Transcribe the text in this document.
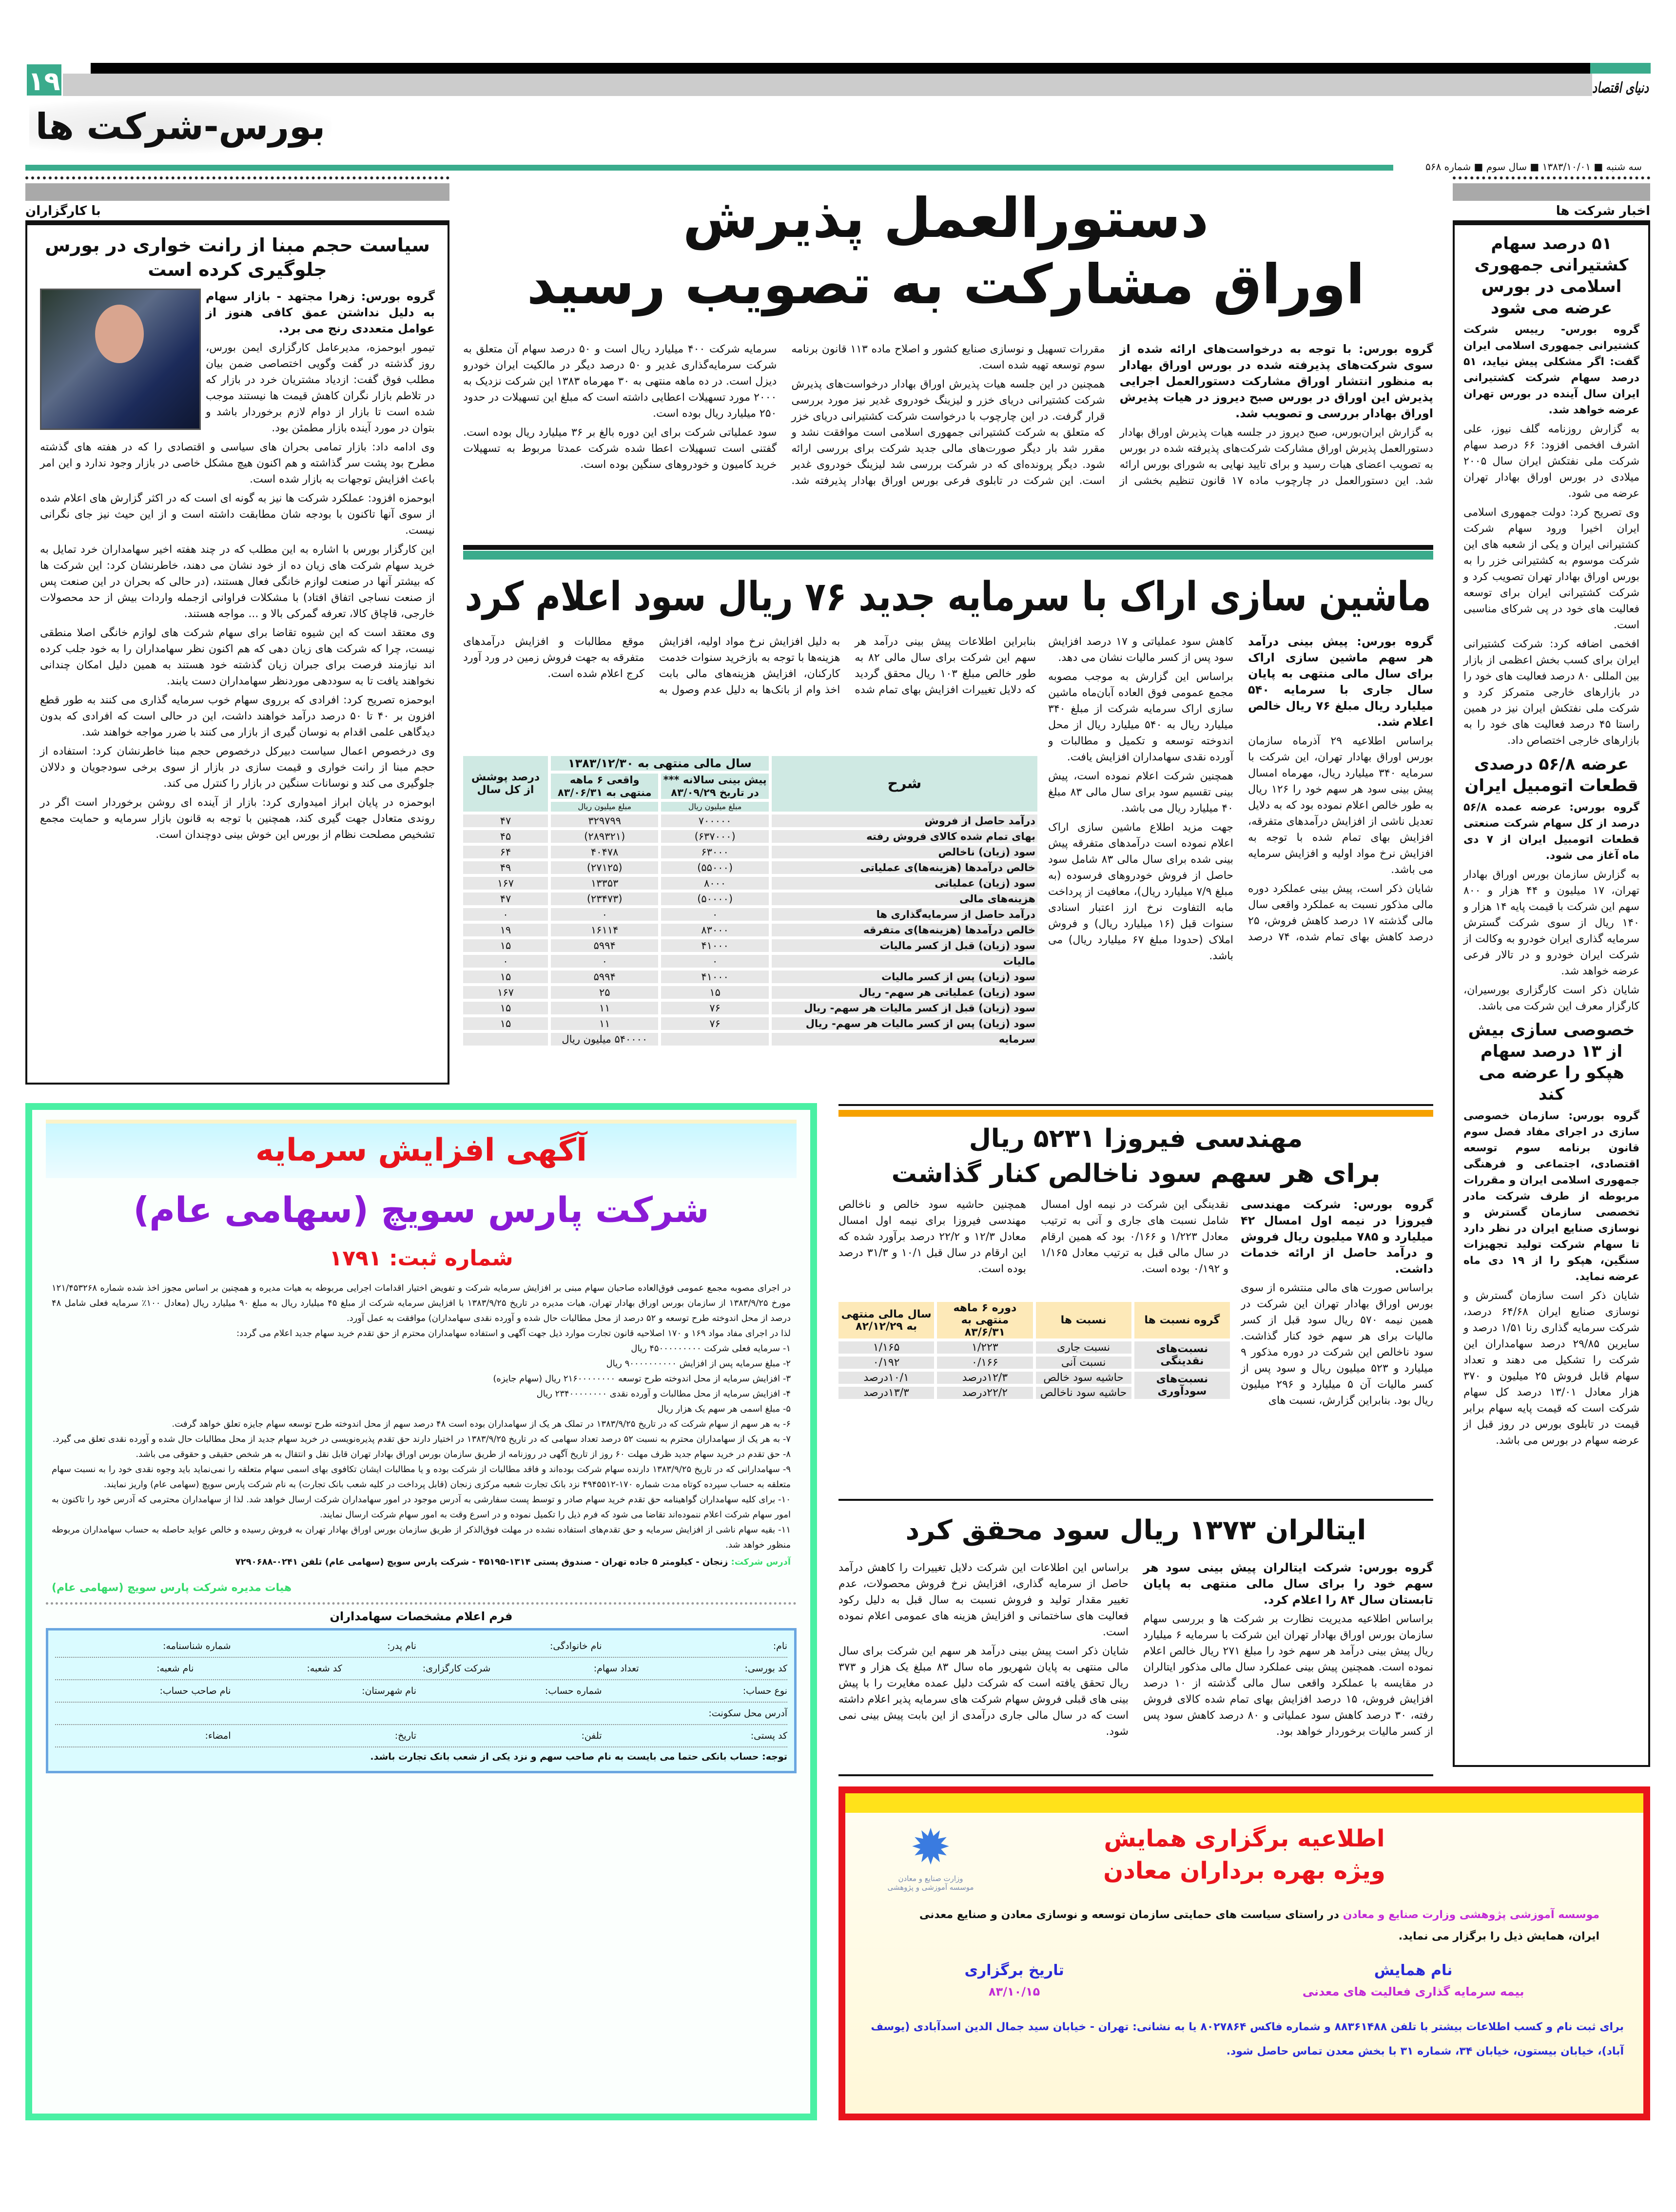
۱۹	دنیای اقتصاد
بورس-شرکت ها
سه شنبه ■ ۱۳۸۳/۱۰/۰۱ ■ سال سوم ■ شماره ۵۶۸
با کارگزاران
سیاست حجم مبنا از رانت خواری در بورس جلوگیری کرده است

گروه بورس: زهرا مجتهد - بازار سهام به دلیل نداشتن عمق کافی هنوز از عوامل متعددی رنج می برد.

تیمور ابوحمزه، مدیرعامل کارگزاری ایمن بورس، روز گذشته در گفت وگویی اختصاصی ضمن بیان مطلب فوق گفت: ازدیاد مشتریان خرد در بازار که در تلاطم بازار نگران کاهش قیمت ها نیستند موجب شده است تا بازار از دوام لازم برخوردار باشد و بتوان در مورد آینده بازار مطمئن بود.

وی ادامه داد: بازار تمامی بحران های سیاسی و اقتصادی را که در هفته های گذشته مطرح بود پشت سر گذاشته و هم اکنون هیچ مشکل خاصی در بازار وجود ندارد و این امر باعث افزایش توجهات به بازار شده است.

ابوحمزه افزود: عملکرد شرکت ها نیز به گونه ای است که در اکثر گزارش های اعلام شده از سوی آنها تاکنون با بودجه شان مطابقت داشته است و از این حیث نیز جای نگرانی نیست.

این کارگزار بورس با اشاره به این مطلب که در چند هفته اخیر سهامداران خرد تمایل به خرید سهام شرکت های زیان ده از خود نشان می دهند، خاطرنشان کرد: این شرکت ها که بیشتر آنها در صنعت لوازم خانگی فعال هستند، (در حالی که بحران در این صنعت پس از صنعت نساجی اتفاق افتاد) با مشکلات فراوانی ازجمله واردات بیش از حد محصولات خارجی، قاچاق کالا، تعرفه گمرکی بالا و ... مواجه هستند.

وی معتقد است که این شیوه تقاضا برای سهام شرکت های لوازم خانگی اصلا منطقی نیست، چرا که شرکت های زیان دهی که هم اکنون نظر سهامداران را به خود جلب کرده اند نیازمند فرصت برای جبران زیان گذشته خود هستند به همین دلیل امکان چندانی نخواهند یافت تا به سوددهی موردنظر سهامداران دست یابند.

ابوحمزه تصریح کرد: افرادی که برروی سهام خوب سرمایه گذاری می کنند به طور قطع افزون بر ۴۰ تا ۵۰ درصد درآمد خواهند داشت، این در حالی است که افرادی که بدون دیدگاهی علمی اقدام به نوسان گیری از بازار می کنند با ضرر مواجه خواهند شد.

وی درخصوص اعمال سیاست دبیرکل درخصوص حجم مبنا خاطرنشان کرد: استفاده از حجم مبنا از رانت خواری و قیمت سازی در بازار از سوی برخی سودجویان و دلالان جلوگیری می کند و نوسانات سنگین در بازار را کنترل می کند.

ابوحمزه در پایان ابراز امیدواری کرد: بازار از آینده ای روشن برخوردار است اگر در روندی متعادل جهت گیری کند، همچنین با توجه به قانون بازار سرمایه و حمایت مجمع تشخیص مصلحت نظام از بورس این خوش بینی دوچندان است.

اخبار شرکت ها
۵۱ درصد سهام کشتیرانی جمهوری اسلامی در بورس عرضه می شود

گروه بورس- رییس شرکت کشتیرانی جمهوری اسلامی ایران گفت: اگر مشکلی پیش نیاید، ۵۱ درصد سهام شرکت کشتیرانی ایران سال آینده در بورس تهران عرضه خواهد شد.

به گزارش روزنامه گلف نیوز، علی اشرف افخمی افزود: ۶۶ درصد سهام شرکت ملی نفتکش ایران سال ۲۰۰۵ میلادی در بورس اوراق بهادار تهران عرضه می شود.

وی تصریح کرد: دولت جمهوری اسلامی ایران اخیرا ورود سهام شرکت کشتیرانی ایران و یکی از شعبه های این شرکت موسوم به کشتیرانی خزر را به بورس اوراق بهادار تهران تصویب کرد و شرکت کشتیرانی ایران برای توسعه فعالیت های خود در پی شرکای مناسبی است.

افخمی اضافه کرد: شرکت کشتیرانی ایران برای کسب بخش اعظمی از بازار بین المللی ۸۰ درصد فعالیت های خود را در بازارهای خارجی متمرکز کرد و شرکت ملی نفتکش ایران نیز در همین راستا ۴۵ درصد فعالیت های خود را به بازارهای خارجی اختصاص داد.

عرضه ۵۶/۸ درصدی قطعات اتومبیل ایران

گروه بورس: عرضه عمده ۵۶/۸ درصد از کل سهام شرکت صنعتی قطعات اتومبیل ایران از ۷ دی ماه آغاز می شود.

به گزارش سازمان بورس اوراق بهادار تهران، ۱۷ میلیون و ۴۴ هزار و ۸۰۰ سهم این شرکت با قیمت پایه ۱۴ هزار و ۱۴۰ ریال از سوی شرکت گسترش سرمایه گذاری ایران خودرو به وکالت از شرکت ایران خودرو و در تالار فرعی عرضه خواهد شد.

شایان ذکر است کارگزاری بورسیران، کارگزار معرف این شرکت می باشد.

خصوصی سازی بیش از ۱۳ درصد سهام هپکو را عرضه می کند

گروه بورس: سازمان خصوصی سازی در اجرای مفاد فصل سوم قانون برنامه سوم توسعه اقتصادی، اجتماعی و فرهنگی جمهوری اسلامی ایران و مقررات مربوطه از طرف شرکت مادر تخصصی سازمان گسترش و نوسازی صنایع ایران در نظر دارد تا سهام شرکت تولید تجهیزات سنگین، هپکو را از ۱۹ دی ماه عرضه نماید.

شایان ذکر است سازمان گسترش و نوسازی صنایع ایران ۶۴/۶۸ درصد، شرکت سرمایه گذاری رنا ۱/۵۱ درصد و سایرین ۲۹/۸۵ درصد سهامداران این شرکت را تشکیل می دهند و تعداد سهام قابل فروش ۲۵ میلیون و ۳۷۰ هزار معادل ۱۳/۰۱ درصد کل سهام شرکت است که قیمت پایه سهام برابر قیمت در تابلوی بورس در روز قبل از عرضه سهام در بورس می باشد.

دستورالعمل پذیرش
اوراق مشارکت به تصویب رسید

گروه بورس: با توجه به درخواست‌های ارائه شده از سوی شرکت‌های پذیرفته شده در بورس اوراق بهادار به منظور انتشار اوراق مشارکت دستورالعمل اجرایی پذیرش این اوراق در بورس صبح دیروز در هیات پذیرش اوراق بهادار بررسی و تصویب شد.

به گزارش ایران‌بورس، صبح دیروز در جلسه هیات پذیرش اوراق بهادار دستورالعمل پذیرش اوراق مشارکت شرکت‌های پذیرفته شده در بورس به تصویب اعضای هیات رسید و برای تایید نهایی به شورای بورس ارائه شد. این دستورالعمل در چارچوب ماده ۱۷ قانون تنظیم بخشی از مقررات تسهیل و نوسازی صنایع کشور و اصلاح ماده ۱۱۳ قانون برنامه سوم توسعه تهیه شده است.

همچنین در این جلسه هیات پذیرش اوراق بهادار درخواست‌های پذیرش شرکت کشتیرانی دریای خزر و لیزینگ خودروی غدیر نیز مورد بررسی قرار گرفت. در این چارچوب با درخواست شرکت کشتیرانی دریای خزر که متعلق به شرکت کشتیرانی جمهوری اسلامی است موافقت نشد و مقرر شد بار دیگر صورت‌های مالی جدید شرکت برای بررسی ارائه شود. دیگر پرونده‌ای که در شرکت بررسی شد لیزینگ خودروی غدیر است. این شرکت در تابلوی فرعی بورس اوراق بهادار پذیرفته شد. سرمایه شرکت ۴۰۰ میلیارد ریال است و ۵۰ درصد سهام آن متعلق به شرکت سرمایه‌گذاری غدیر و ۵۰ درصد دیگر در مالکیت ایران خودرو دیزل است. در ده ماهه منتهی به ۳۰ مهرماه ۱۳۸۳ این شرکت نزدیک به ۲۰۰۰ مورد تسهیلات اعطایی داشته است که مبلغ این تسهیلات در حدود ۲۵۰ میلیارد ریال بوده است.

سود عملیاتی شرکت برای این دوره بالغ بر ۳۶ میلیارد ریال بوده است. گفتنی است تسهیلات اعطا شده شرکت عمدتا مربوط به تسهیلات خرید کامیون و خودروهای سنگین بوده است.

ماشین سازی اراک با سرمایه جدید ۷۶ ریال سود اعلام کرد

گروه بورس: پیش بینی درآمد هر سهم ماشین سازی اراک برای سال مالی منتهی به پایان سال جاری با سرمایه ۵۴۰ میلیارد ریال مبلغ ۷۶ ریال خالص اعلام شد.

براساس اطلاعیه ۲۹ آذرماه سازمان بورس اوراق بهادار تهران، این شرکت با سرمایه ۳۴۰ میلیارد ریال، مهرماه امسال پیش بینی سود هر سهم خود را ۱۲۶ ریال به طور خالص اعلام نموده بود که به دلایل تعدیل ناشی از افزایش درآمدهای متفرقه، افزایش بهای تمام شده با توجه به افزایش نرخ مواد اولیه و افزایش سرمایه می باشد.

شایان ذکر است، پیش بینی عملکرد دوره مالی مذکور نسبت به عملکرد واقعی سال مالی گذشته ۱۷ درصد کاهش فروش، ۲۵ درصد کاهش بهای تمام شده، ۷۴ درصد کاهش سود عملیاتی و ۱۷ درصد افزایش سود پس از کسر مالیات نشان می دهد.

براساس این گزارش به موجب مصوبه مجمع عمومی فوق العاده آبان‌ماه ماشین سازی اراک سرمایه شرکت از مبلغ ۳۴۰ میلیارد ریال به ۵۴۰ میلیارد ریال از محل اندوخته توسعه و تکمیل و مطالبات و آورده نقدی سهامداران افزایش یافت.

همچنین شرکت اعلام نموده است، پیش بینی تقسیم سود برای سال مالی ۸۳ مبلغ ۴۰ میلیارد ریال می باشد.

جهت مزید اطلاع ماشین سازی اراک اعلام نموده است درآمدهای متفرقه پیش بینی شده برای سال مالی ۸۳ شامل سود حاصل از فروش خودروهای فرسوده (به مبلغ ۷/۹ میلیارد ریال)، معافیت از پرداخت مابه التفاوت نرخ ارز اعتبار اسنادی سنوات قبل (۱۶ میلیارد ریال) و فروش املاک (حدودا مبلغ ۶۷ میلیارد ریال) می باشد.

بنابراین اطلاعات پیش بینی درآمد هر سهم این شرکت برای سال مالی ۸۲ به طور خالص مبلغ ۱۰۳ ریال محقق گردید که دلایل تغییرات افزایش بهای تمام شده به دلیل افزایش نرخ مواد اولیه، افزایش هزینه‌ها با توجه به بازخرید سنوات خدمت کارکنان، افزایش هزینه‌های مالی بابت اخذ وام از بانک‌ها به دلیل عدم وصول به موقع مطالبات و افزایش درآمدهای متفرقه به جهت فروش زمین در ورد آورد کرج اعلام شده است.

شرح	سال مالی منتهی به ۱۳۸۳/۱۲/۳۰		درصد پوشش از کل سال
	پیش بینی سالانه *** در تاریخ ۸۳/۰۹/۲۹	واقعی ۶ ماهه منتهی به ۸۳/۰۶/۳۱	
	مبلغ میلیون ریال	مبلغ میلیون ریال	
درآمد حاصل از فروش	۷۰۰۰۰۰	۳۲۹۷۹۹	۴۷
بهای تمام شده کالای فروش رفته	(۶۳۷۰۰۰)	(۲۸۹۳۲۱)	۴۵
سود (زیان) ناخالص	۶۳۰۰۰	۴۰۴۷۸	۶۴
خالص درآمدها (هزینه‌ها)ی عملیاتی	(۵۵۰۰۰)	(۲۷۱۲۵)	۴۹
سود (زیان) عملیاتی	۸۰۰۰	۱۳۳۵۳	۱۶۷
هزینه‌های مالی	(۵۰۰۰۰)	(۲۳۴۷۳)	۴۷
درآمد حاصل از سرمایه‌گذاری ها	۰	۰	۰
خالص درآمدها (هزینه‌ها)ی متفرقه	۸۳۰۰۰	۱۶۱۱۴	۱۹
سود (زیان) قبل از کسر مالیات	۴۱۰۰۰	۵۹۹۴	۱۵
مالیات	۰	۰	۰
سود (زیان) پس از کسر مالیات	۴۱۰۰۰	۵۹۹۴	۱۵
سود (زیان) عملیاتی هر سهم- ریال	۱۵	۲۵	۱۶۷
سود (زیان) قبل از کسر مالیات هر سهم- ریال	۷۶	۱۱	۱۵
سود (زیان) پس از کسر مالیات هر سهم- ریال	۷۶	۱۱	۱۵
سرمایه		۵۴۰۰۰۰ میلیون ریال	
مهندسی فیروزا ۵۲۳۱ ریال
برای هر سهم سود ناخالص کنار گذاشت

گروه بورس: شرکت مهندسی فیروزا در نیمه اول امسال ۴۲ میلیارد و ۷۸۵ میلیون ریال فروش و درآمد حاصل از ارائه خدمات داشت.

براساس صورت های مالی منتشره از سوی بورس اوراق بهادار تهران این شرکت در همین نیمه ۵۷۰ ریال سود قبل از کسر مالیات برای هر سهم خود کنار گذاشت. سود ناخالص این شرکت در دوره مذکور ۹ میلیارد و ۵۲۳ میلیون ریال و سود پس از کسر مالیات آن ۵ میلیارد و ۲۹۶ میلیون ریال بود. بنابراین گزارش، نسبت های

نقدینگی این شرکت در نیمه اول امسال شامل نسبت های جاری و آنی به ترتیب معادل ۱/۲۲۳ و ۰/۱۶۶ بود که همین ارقام در سال مالی قبل به ترتیب معادل ۱/۱۶۵ و ۰/۱۹۲ بوده است.

همچنین حاشیه سود خالص و ناخالص مهندسی فیروزا برای نیمه اول امسال معادل ۱۲/۳ و ۲۲/۲ درصد برآورد شده که این ارقام در سال قبل ۱۰/۱ و ۳۱/۳ درصد بوده است.

گروه نسبت ها	نسبت ها	دوره ۶ ماهه منتهی به ۸۳/۶/۳۱	سال مالی منتهی به ۸۲/۱۲/۲۹
نسبت‌های نقدینگی	نسبت جاری	۱/۲۲۳	۱/۱۶۵
	نسبت آنی	۰/۱۶۶	۰/۱۹۲
نسبت‌های سودآوری	حاشیه سود خالص	۱۲/۳درصد	۱۰/۱درصد
	حاشیه سود ناخالص	۲۲/۲درصد	۱۳/۳درصد
ایتالران ۱۳۷۳ ریال سود محقق کرد

گروه بورس: شرکت ایتالران پیش بینی سود هر سهم خود را برای سال مالی منتهی به پایان تابستان سال ۸۴ را اعلام کرد.

براساس اطلاعیه مدیریت نظارت بر شرکت ها و بررسی سهام سازمان بورس اوراق بهادار تهران این شرکت با سرمایه ۶ میلیارد ریال پیش بینی درآمد هر سهم خود را مبلغ ۲۷۱ ریال خالص اعلام نموده است. همچنین پیش بینی عملکرد سال مالی مذکور ایتالران در مقایسه با عملکرد واقعی سال مالی گذشته از ۱۰ درصد افزایش فروش، ۱۵ درصد افزایش بهای تمام شده کالای فروش رفته، ۳۰ درصد کاهش سود عملیاتی و ۸۰ درصد کاهش سود پس از کسر مالیات برخوردار خواهد بود.

براساس این اطلاعات این شرکت دلایل تغییرات را کاهش درآمد حاصل از سرمایه گذاری، افزایش نرخ فروش محصولات، عدم تغییر مقدار تولید و فروش نسبت به سال قبل به دلیل رکود فعالیت های ساختمانی و افزایش هزینه های عمومی اعلام نموده است.

شایان ذکر است پیش بینی درآمد هر سهم این شرکت برای سال مالی منتهی به پایان شهریور ماه سال ۸۳ مبلغ یک هزار و ۳۷۳ ریال تحقق یافته است که شرکت دلیل عمده مغایرت را با پیش بینی های قبلی فروش سهام شرکت های سرمایه پذیر اعلام داشته است که در سال مالی جاری درآمدی از این بابت پیش بینی نمی شود.

آگهی افزایش سرمایه
شرکت پارس سویچ (سهامی عام)
شماره ثبت: ۱۷۹۱
در اجرای مصوبه مجمع عمومی فوق‌العاده صاحبان سهام مبنی بر افزایش سرمایه شرکت و تفویض اختیار اقدامات اجرایی مربوطه به هیات مدیره و همچنین بر اساس مجوز اخذ شده شماره ۱۲۱/۴۵۳۲۶۸ مورخ ۱۳۸۳/۹/۲۵ از سازمان بورس اوراق بهادار تهران، هیات مدیره در تاریخ ۱۳۸۳/۹/۲۵ با افزایش سرمایه شرکت از مبلغ ۴۵ میلیارد ریال به مبلغ ۹۰ میلیارد ریال (معادل ۱۰۰٪ سرمایه فعلی شامل ۴۸ درصد از محل اندوخته طرح توسعه و ۵۲ درصد از محل مطالبات حال شده و آورده نقدی سهامداران) موافقت به عمل آورد.
لذا در اجرای مفاد مواد ۱۶۹ و ۱۷۰ اصلاحیه قانون تجارت موارد ذیل جهت آگهی و استفاده سهامداران محترم از حق تقدم خرید سهام جدید اعلام می گردد:
۱- سرمایه فعلی شرکت ۴۵۰۰۰۰۰۰۰۰۰ ریال
۲- مبلغ سرمایه پس از افزایش ۹۰۰۰۰۰۰۰۰۰۰ ریال
۳- افزایش سرمایه از محل اندوخته طرح توسعه ۲۱۶۰۰۰۰۰۰۰۰ ریال (سهام جایزه)
۴- افزایش سرمایه از محل مطالبات و آورده نقدی ۲۳۴۰۰۰۰۰۰۰۰ ریال
۵- مبلغ اسمی هر سهم یک هزار ریال
۶- به هر سهم از سهام شرکت که در تاریخ ۱۳۸۳/۹/۲۵ در تملک هر یک از سهامداران بوده است ۴۸ درصد سهم از محل اندوخته طرح توسعه سهام جایزه تعلق خواهد گرفت.
۷- به هر یک از سهامداران محترم به نسبت ۵۲ درصد تعداد سهامی که در تاریخ ۱۳۸۳/۹/۲۵ در اختیار دارند حق تقدم پذیره‌نویسی در خرید سهام جدید از محل مطالبات حال شده و آورده نقدی تعلق می گیرد.
۸- حق تقدم در خرید سهام جدید ظرف مهلت ۶۰ روز از تاریخ آگهی در روزنامه از طریق سازمان بورس اوراق بهادار تهران قابل نقل و انتقال به هر شخص حقیقی و حقوقی می باشد.
۹- سهامدارانی که در تاریخ ۱۳۸۳/۹/۲۵ دارنده سهام شرکت بوده‌اند و فاقد مطالبات از شرکت بوده و یا مطالبات ایشان تکافوی بهای اسمی سهام متعلقه را نمی‌نماید باید وجوه نقدی خود را به نسبت سهام متعلقه به حساب سپرده کوتاه مدت شماره ۱۷۰-۴۹۴۵۵۱۲ نزد بانک تجارت شعبه مرکزی زنجان (قابل پرداخت در کلیه شعب بانک تجارت) به نام شرکت پارس سویچ (سهامی عام) واریز نمایند.
۱۰- برای کلیه سهامداران گواهینامه حق تقدم خرید سهام صادر و توسط پست سفارشی به آدرس موجود در امور سهامداران شرکت ارسال خواهد شد. لذا از سهامداران محترمی که آدرس خود را تاکنون به امور سهام شرکت اعلام ننموده‌اند تقاضا می شود که فرم ذیل را تکمیل نموده و در اسرع وقت به امور سهام شرکت ارسال نمایند.
۱۱- بقیه سهام ناشی از افزایش سرمایه و حق تقدم‌های استفاده نشده در مهلت فوق‌الذکر از طریق سازمان بورس اوراق بهادار تهران به فروش رسیده و خالص عواید حاصله به حساب سهامداران مربوطه منظور خواهد شد.
آدرس شرکت: زنجان - کیلومتر ۵ جاده تهران - صندوق پستی ۱۳۱۴-۴۵۱۹۵ - شرکت پارس سویچ (سهامی عام) تلفن ۰۲۴۱-۷۲۹۰۶۸۸
هیات مدیره شرکت پارس سویچ (سهامی عام)
فرم اعلام مشخصات سهامداران
نام:
نام خانوادگی:
نام پدر:
شماره شناسنامه:
کد بورسی:
تعداد سهام:
شرکت کارگزاری:
کد شعبه:
نام شعبه:
نوع حساب:
شماره حساب:
نام شهرستان:
نام صاحب حساب:
آدرس محل سکونت:
کد پستی:
تلفن:
تاریخ:
امضاء:
توجه: حساب بانکی حتما می بایست به نام صاحب سهم و نزد یکی از شعب بانک تجارت باشد.
✹
وزارت صنایع و معادن
موسسه آموزشی و پژوهشی
اطلاعیه برگزاری همایش
ویژه بهره برداران معادن
موسسه آموزشی پژوهشی وزارت صنایع و معادن در راستای سیاست های حمایتی سازمان توسعه و نوسازی معادن و صنایع معدنی ایران، همایش ذیل را برگزار می نماید.
نام همایش
بیمه سرمایه گذاری فعالیت های معدنی
تاریخ برگزاری
۸۳/۱۰/۱۵
برای ثبت نام و کسب اطلاعات بیشتر با تلفن ۸۸۳۶۱۴۸۸ و شماره فاکس ۸۰۲۷۸۶۴ یا به نشانی: تهران - خیابان سید جمال الدین اسدآبادی (یوسف آباد)، خیابان بیستون، خیابان ۳۴، شماره ۳۱ با بخش معدن تماس حاصل شود.
